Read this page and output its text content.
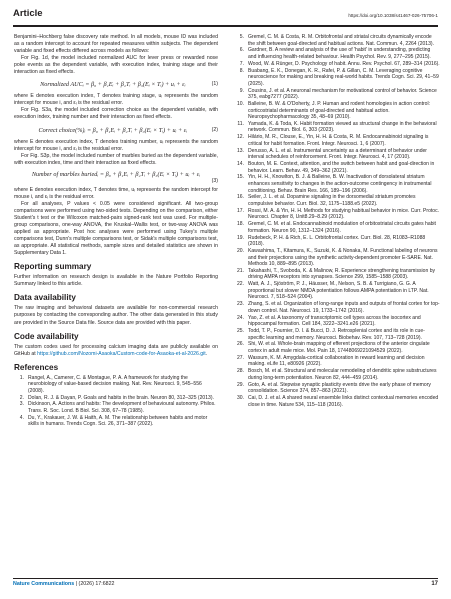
Article	https://doi.org/10.1038/s41467-026-75706-1

Benjamini–Hochberg false discovery rate method. In all models, mouse ID was included as a random intercept to account for repeated measures within subjects. The dependent variable and fixed effects differed across models as follows:

For Fig. 1d, the model included normalized AUC for lever press or rewarded nose poke events as the dependent variable, with execution index, training stage and their interaction as fixed effects.

Normalized AUCᵢ = β₀ + β₁Eᵢ + β₂Tᵢ + β₃(Eᵢ × Tᵢ) + uᵢ + εᵢ	(1)

where E denotes execution index, T denotes training stage, uᵢ represents the random intercept for mouse i, and εᵢ is the residual error.

For Fig. S3a, the model included correction choice as the dependent variable, with execution index, training number and their interaction as fixed effects.

Correct choice(%)ᵢ = β₀ + β₁Eᵢ + β₂Tᵢ + β₃(Eᵢ × Tᵢ) + uᵢ + εᵢ	(2)

where E denotes execution index, T denotes training number, uᵢ represents the random intercept for mouse i, and εᵢ is the residual error.

For Fig. S3p, the model included number of marbles buried as the dependent variable, with execution index, time and their interaction as fixed effects.

Number of marbles buriedᵢ = β₀ + β₁Eᵢ + β₂Tᵢ + β₃(Eᵢ × Tᵢ) + uᵢ + εᵢ
(3)

where E denotes execution index, T denotes time, uᵢ represents the random intercept for mouse i, and εᵢ is the residual error.

For all analyses, P values < 0.05 were considered significant. All two-group comparisons were performed using two-sided tests. Depending on the comparison, either Student's t test or the Wilcoxon matched-pairs signed-rank test was used. For multiple-group comparisons, one-way ANOVA, the Kruskal–Wallis test, or two-way ANOVA was applied as appropriate. Post hoc analyses were performed using Tukey's multiple comparisons test, Dunn's multiple comparisons test, or Sidak's multiple comparisons test, as appropriate. All statistical methods, sample sizes and detailed statistics are shown in Supplementary Data 1.

Reporting summary

Further information on research design is available in the Nature Portfolio Reporting Summary linked to this article.

Data availability

The raw imaging and behavioral datasets are available for non-commercial research purposes by contacting the corresponding author. The other data generated in this study are provided in the Source Data file. Source data are provided with this paper.

Code availability

The custom codes used for processing calcium imaging data are publicly available on GitHub at https://github.com/Nozomi-Asaoka/Custom-code-for-Asaoka-et-al-2026.git.

References
1. Rangel, A., Camerer, C. & Montague, P. A. A framework for studying the neurobiology of value-based decision making. Nat. Rev. Neurosci. 9, 545–556 (2008).
2. Dolan, R. J. & Dayan, P. Goals and habits in the brain. Neuron 80, 312–325 (2013).
3. Dickinson, A. Actions and habits: The development of behavioural autonomy. Philos. Trans. R. Soc. Lond. B Biol. Sci. 308, 67–78 (1985).
4. Du, Y., Krakauer, J. W. & Haith, A. M. The relationship between habits and motor skills in humans. Trends Cogn. Sci. 26, 371–387 (2022).
5. Gremel, C. M. & Costa, R. M. Orbitofrontal and striatal circuits dynamically encode the shift between goal-directed and habitual actions. Nat. Commun. 4, 2264 (2013).
6. Gardner, B. A review and analysis of the use of 'habit' in understanding, predicting and influencing health-related behaviour. Health Psychol. Rev. 9, 277–295 (2015).
7. Wood, W. & Rünger, D. Psychology of habit. Annu. Rev. Psychol. 67, 289–314 (2016).
8. Buabang, E. K., Donegan, K. R., Rafei, P. & Gillan, C. M. Leveraging cognitive neuroscience for making and breaking real-world habits. Trends Cogn. Sci. 29, 41–59 (2025).
9. Cousins, J. et al. A neuronal mechanism for motivational control of behavior. Science 375, eabg7277 (2022).
10. Balleine, B. W. & O'Doherty, J. P. Human and rodent homologies in action control: corticostriatal determinants of goal-directed and habitual action. Neuropsychopharmacology 35, 48–69 (2010).
11. Yamada, K. & Toda, K. Habit formation viewed as structural change in the behavioral network. Commun. Biol. 6, 303 (2023).
12. Hilário, M. R., Clouse, E., Yin, H. H. & Costa, R. M. Endocannabinoid signaling is critical for habit formation. Front. Integr. Neurosci. 1, 6 (2007).
13. Derusso, A. L. et al. Instrumental uncertainty as a determinant of behavior under interval schedules of reinforcement. Front. Integr. Neurosci. 4, 17 (2010).
14. Bouton, M. E. Context, attention, and the switch between habit and goal-direction in behavior. Learn. Behav. 49, 349–362 (2021).
15. Yin, H. H., Knowlton, B. J. & Balleine, B. W. Inactivation of dorsolateral striatum enhances sensitivity to changes in the action-outcome contingency in instrumental conditioning. Behav. Brain Res. 166, 189–196 (2006).
16. Seiler, J. L. et al. Dopamine signaling in the dorsomedial striatum promotes compulsive behavior. Curr. Biol. 32, 1175–1188.e5 (2022).
17. Rossi, M. A. & Yin, H. H. Methods for studying habitual behavior in mice. Curr. Protoc. Neurosci. Chapter 8, Unit8.29–8.29 (2012).
18. Gremel, C. M. et al. Endocannabinoid modulation of orbitostriatal circuits gates habit formation. Neuron 90, 1312–1324 (2016).
19. Rudebeck, P. H. & Rich, E. L. Orbitofrontal cortex. Curr. Biol. 28, R1083–R1088 (2018).
20. Kawashima, T., Kitamura, K., Suzuki, K. & Nonaka, M. Functional labeling of neurons and their projections using the synthetic activity-dependent promoter E-SARE. Nat. Methods 10, 889–895 (2013).
21. Takahashi, T., Svoboda, K. & Malinow, R. Experience strengthening transmission by driving AMPA receptors into synapses. Science 299, 1585–1588 (2003).
22. Watt, A. J., Sjöström, P. J., Häusser, M., Nelson, S. B. & Turrigiano, G. G. A proportional but slower NMDA potentiation follows AMPA potentiation in LTP. Nat. Neurosci. 7, 518–524 (2004).
23. Zhang, S. et al. Organization of long-range inputs and outputs of frontal cortex for top-down control. Nat. Neurosci. 19, 1733–1742 (2016).
24. Yao, Z. et al. A taxonomy of transcriptomic cell types across the isocortex and hippocampal formation. Cell 184, 3222–3241.e26 (2021).
25. Todd, T. P., Fournier, D. I. & Bucci, D. J. Retrosplenial cortex and its role in cue-specific learning and memory. Neurosci. Biobehav. Rev. 107, 713–728 (2019).
26. Shi, W. et al. Whole-brain mapping of efferent projections of the anterior cingulate cortex in adult male mice. Mol. Pain 18, 17448069221094529 (2022).
27. Wassum, K. M. Amygdala-cortical collaboration in reward learning and decision making. eLife 11, e80926 (2022).
28. Bosch, M. et al. Structural and molecular remodeling of dendritic spine substructures during long-term potentiation. Neuron 82, 444–459 (2014).
29. Goto, A. et al. Stepwise synaptic plasticity events drive the early phase of memory consolidation. Science 374, 857–863 (2021).
30. Cai, D. J. et al. A shared neural ensemble links distinct contextual memories encoded close in time. Nature 534, 115–118 (2016).
Nature Communications | (2026) 17:6822	17
